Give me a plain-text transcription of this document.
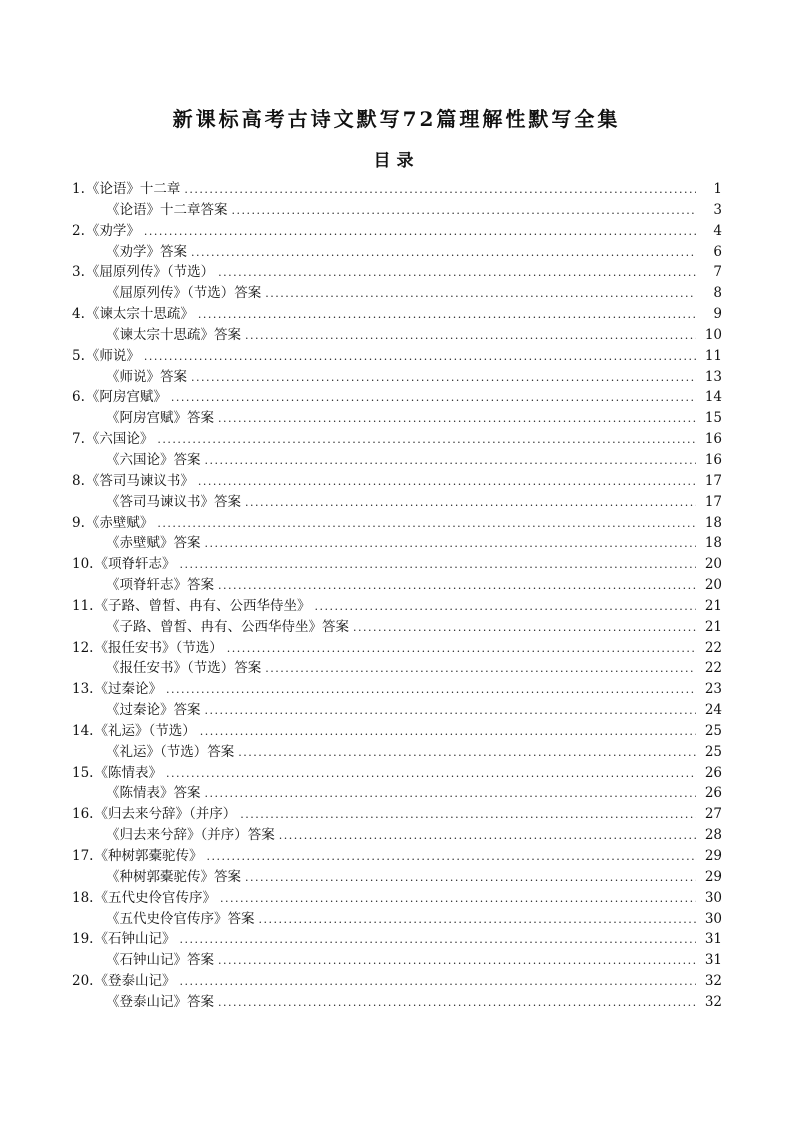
新课标高考古诗文默写72篇理解性默写全集
目录
1. 《论语》十二章 .....	1
《论语》十二章答案 .....	3
2. 《劝学》 .....	4
《劝学》答案 .....	6
3. 《屈原列传》（节选） .....	7
《屈原列传》（节选）答案 .....	8
4. 《谏太宗十思疏》 .....	9
《谏太宗十思疏》答案 .....	10
5. 《师说》 .....	11
《师说》答案 .....	13
6. 《阿房宫赋》 .....	14
《阿房宫赋》答案 .....	15
7. 《六国论》 .....	16
《六国论》答案 .....	16
8. 《答司马谏议书》 .....	17
《答司马谏议书》答案 .....	17
9. 《赤壁赋》 .....	18
《赤壁赋》答案 .....	18
10. 《项脊轩志》 .....	20
《项脊轩志》答案 .....	20
11. 《子路、曾皙、冉有、公西华侍坐》 .....	21
《子路、曾皙、冉有、公西华侍坐》答案 .....	21
12. 《报任安书》（节选） .....	22
《报任安书》（节选）答案 .....	22
13. 《过秦论》 .....	23
《过秦论》答案 .....	24
14. 《礼运》（节选） .....	25
《礼运》（节选）答案 .....	25
15. 《陈情表》 .....	26
《陈情表》答案 .....	26
16. 《归去来兮辞》（并序） .....	27
《归去来兮辞》（并序）答案 .....	28
17. 《种树郭橐驼传》 .....	29
《种树郭橐驼传》答案 .....	29
18. 《五代史伶官传序》 .....	30
《五代史伶官传序》答案 .....	30
19. 《石钟山记》 .....	31
《石钟山记》答案 .....	31
20. 《登泰山记》 .....	32
《登泰山记》答案 .....	32
